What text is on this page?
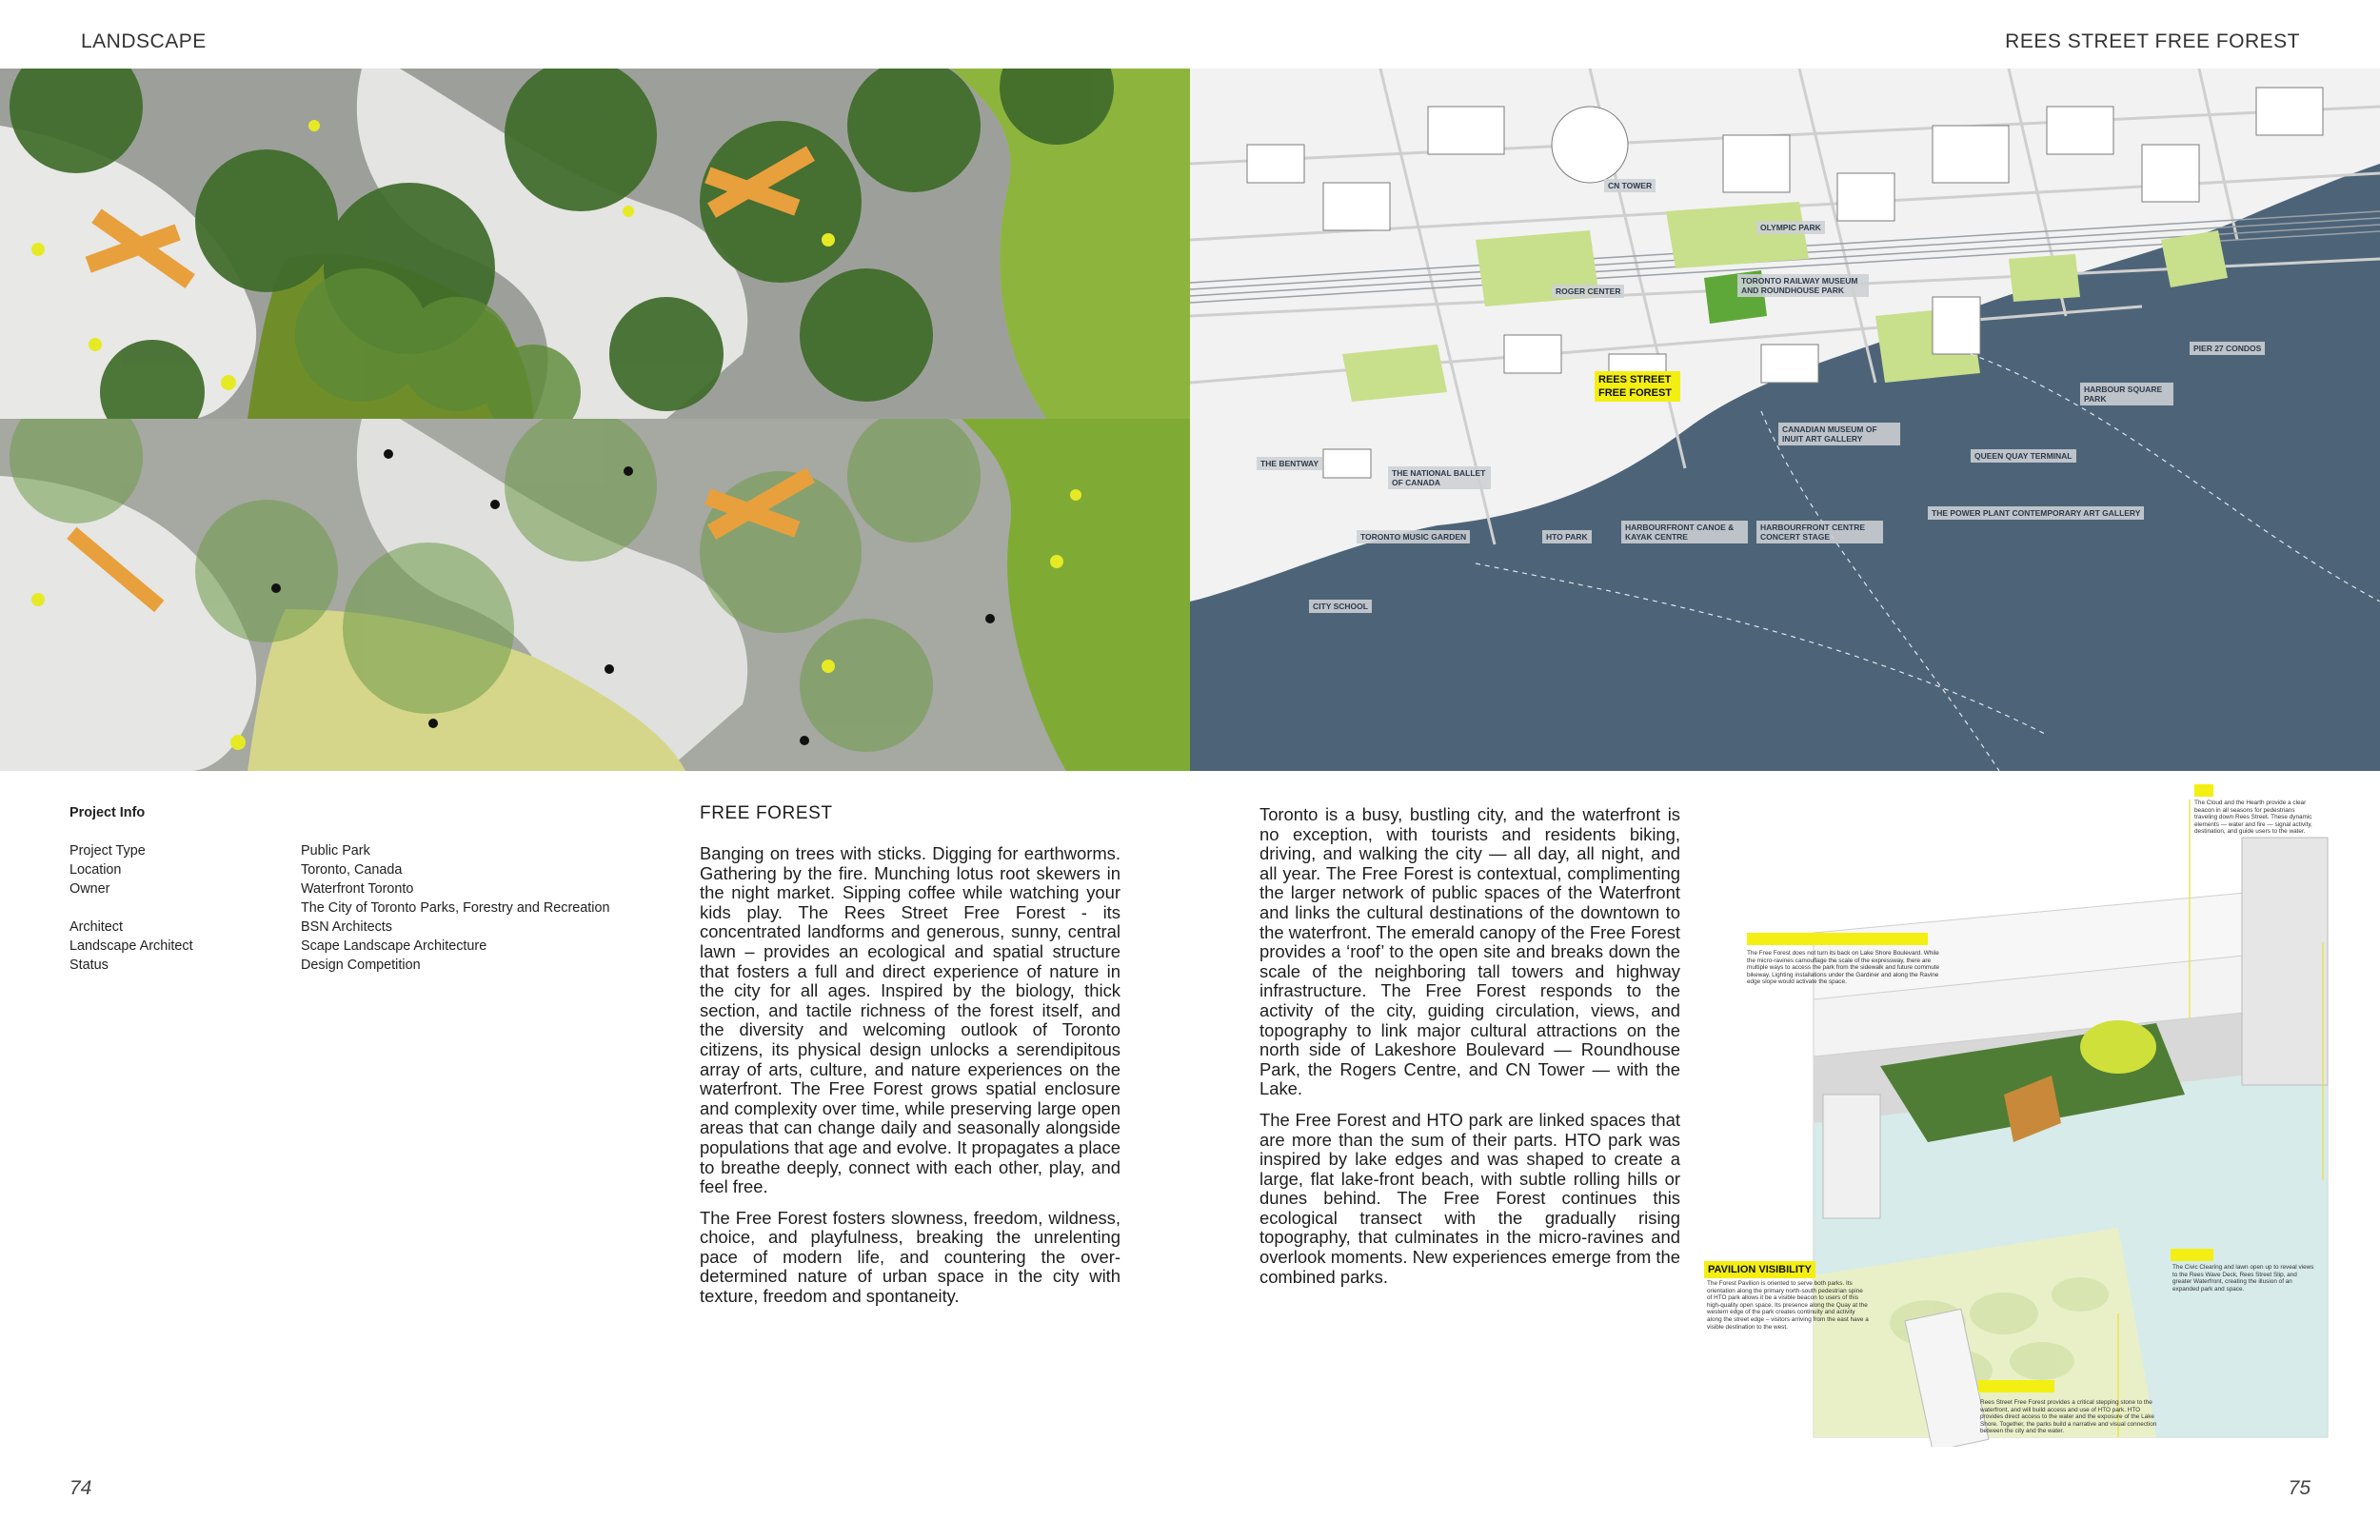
LANDSCAPE	REES STREET FREE FOREST
CN TOWER
OLYMPIC PARK
ROGER CENTER
TORONTO RAILWAY MUSEUM AND ROUNDHOUSE PARK
PIER 27 CONDOS
REES STREET FREE FOREST	HARBOUR SQUARE PARK
THE BENTWAY
THE NATIONAL BALLET OF CANADA
CANADIAN MUSEUM OF INUIT ART GALLERY
QUEEN QUAY TERMINAL
THE POWER PLANT CONTEMPORARY ART GALLERY
TORONTO MUSIC GARDEN	HTO PARK
HARBOURFRONT CANOE & KAYAK CENTRE
HARBOURFRONT CENTRE CONCERT STAGE
CITY SCHOOL
Project Info
Project Type	Public Park
Location	Toronto, Canada
Owner	Waterfront Toronto
The City of Toronto Parks, Forestry and Recreation
Architect	BSN Architects
Landscape Architect	Scape Landscape Architecture
Status	Design Competition
FREE FOREST

Banging on trees with sticks. Digging for earthworms. Gathering by the fire. Munching lotus root skewers in the night market. Sipping coffee while watching your kids play. The Rees Street Free Forest - its concentrated landforms and generous, sunny, central lawn – provides an ecological and spatial structure that fosters a full and direct experience of nature in the city for all ages. Inspired by the biology, thick section, and tactile richness of the forest itself, and the diversity and welcoming outlook of Toronto citizens, its physical design unlocks a serendipitous array of arts, culture, and nature experiences on the waterfront. The Free Forest grows spatial enclosure and complexity over time, while preserving large open areas that can change daily and seasonally alongside populations that age and evolve. It propagates a place to breathe deeply, connect with each other, play, and feel free.

The Free Forest fosters slowness, freedom, wildness, choice, and playfulness, breaking the unrelenting pace of modern life, and countering the over-determined nature of urban space in the city with texture, freedom and spontaneity.

Toronto is a busy, bustling city, and the waterfront is no exception, with tourists and residents biking, driving, and walking the city — all day, all night, and all year. The Free Forest is contextual, complimenting the larger network of public spaces of the Waterfront and links the cultural destinations of the downtown to the waterfront. The emerald canopy of the Free Forest provides a ‘roof’ to the open site and breaks down the scale of the neighboring tall towers and highway infrastructure. The Free Forest responds to the activity of the city, guiding circulation, views, and topography to link major cultural attractions on the north side of Lakeshore Boulevard — Roundhouse Park, the Rogers Centre, and CN Tower — with the Lake.

The Free Forest and HTO park are linked spaces that are more than the sum of their parts. HTO park was inspired by lake edges and was shaped to create a large, flat lake-front beach, with subtle rolling hills or dunes behind. The Free Forest continues this ecological transect with the gradually rising topography, that culminates in the micro-ravines and overlook moments. New experiences emerge from the combined parks.

The Cloud and the Hearth provide a clear beacon in all seasons for pedestrians traveling down Rees Street. These dynamic elements — water and fire — signal activity, destination, and guide users to the water.
The Free Forest does not turn its back on Lake Shore Boulevard. While the micro-ravines camouflage the scale of the expressway, there are multiple ways to access the park from the sidewalk and future commute bikeway. Lighting installations under the Gardiner and along the Ravine edge slope would activate the space.
PAVILION VISIBILITY
The Forest Pavilion is oriented to serve both parks. Its orientation along the primary north-south pedestrian spine of HTO park allows it be a visible beacon to users of this high-quality open space. Its presence along the Quay at the western edge of the park creates continuity and activity along the street edge – visitors arriving from the east have a visible destination to the west.
The Civic Clearing and lawn open up to reveal views to the Rees Wave Deck, Rees Street Slip, and greater Waterfront, creating the illusion of an expanded park and space.
Rees Street Free Forest provides a critical stepping stone to the waterfront, and will build access and use of HTO park. HTO provides direct access to the water and the exposure of the Lake Shore. Together, the parks build a narrative and visual connection between the city and the water.
74	75
